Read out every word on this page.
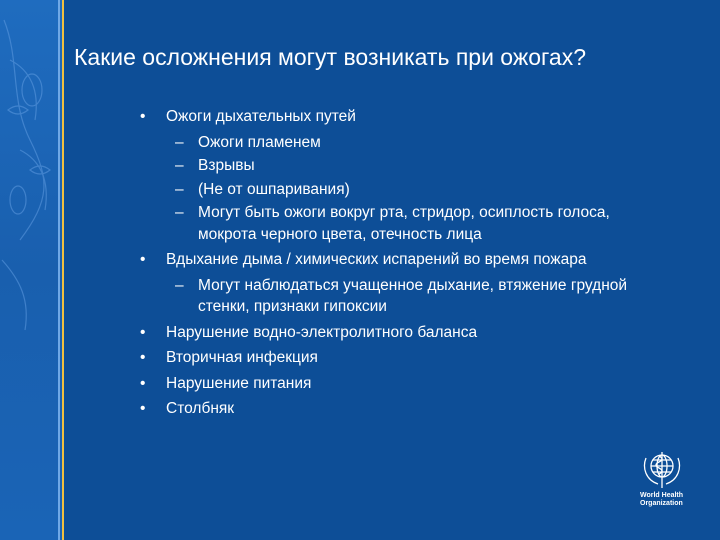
Какие осложнения могут возникать при ожогах?
• Ожоги дыхательных путей
– Ожоги пламенем
– Взрывы
– (Не от ошпаривания)
– Могут быть ожоги вокруг рта, стридор, осиплость голоса, мокрота черного цвета, отечность лица
• Вдыхание дыма / химических испарений во время пожара
– Могут наблюдаться учащенное дыхание, втяжение грудной стенки, признаки гипоксии
• Нарушение водно-электролитного баланса
• Вторичная инфекция
• Нарушение питания
• Столбняк
World Health
Organization
